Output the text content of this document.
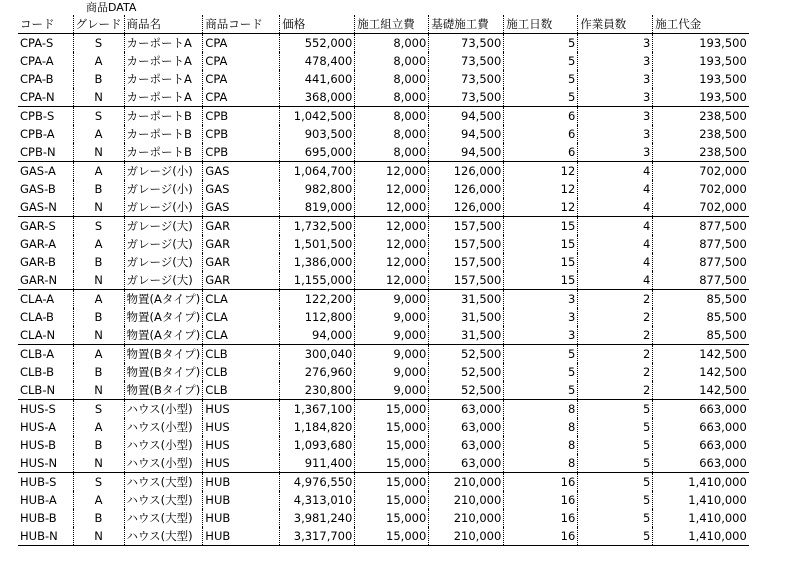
商品DATA
コード	グレード	商品名	商品コード	価格	施工組立費	基礎施工費	施工日数	作業員数	施工代金
CPA-S	S	カーポートA	CPA	552,000	8,000	73,500	5	3	193,500
CPA-A	A	カーポートA	CPA	478,400	8,000	73,500	5	3	193,500
CPA-B	B	カーポートA	CPA	441,600	8,000	73,500	5	3	193,500
CPA-N	N	カーポートA	CPA	368,000	8,000	73,500	5	3	193,500
CPB-S	S	カーポートB	CPB	1,042,500	8,000	94,500	6	3	238,500
CPB-A	A	カーポートB	CPB	903,500	8,000	94,500	6	3	238,500
CPB-N	N	カーポートB	CPB	695,000	8,000	94,500	6	3	238,500
GAS-A	A	ガレージ(小)	GAS	1,064,700	12,000	126,000	12	4	702,000
GAS-B	B	ガレージ(小)	GAS	982,800	12,000	126,000	12	4	702,000
GAS-N	N	ガレージ(小)	GAS	819,000	12,000	126,000	12	4	702,000
GAR-S	S	ガレージ(大)	GAR	1,732,500	12,000	157,500	15	4	877,500
GAR-A	A	ガレージ(大)	GAR	1,501,500	12,000	157,500	15	4	877,500
GAR-B	B	ガレージ(大)	GAR	1,386,000	12,000	157,500	15	4	877,500
GAR-N	N	ガレージ(大)	GAR	1,155,000	12,000	157,500	15	4	877,500
CLA-A	A	物置(Aタイプ)	CLA	122,200	9,000	31,500	3	2	85,500
CLA-B	B	物置(Aタイプ)	CLA	112,800	9,000	31,500	3	2	85,500
CLA-N	N	物置(Aタイプ)	CLA	94,000	9,000	31,500	3	2	85,500
CLB-A	A	物置(Bタイプ)	CLB	300,040	9,000	52,500	5	2	142,500
CLB-B	B	物置(Bタイプ)	CLB	276,960	9,000	52,500	5	2	142,500
CLB-N	N	物置(Bタイプ)	CLB	230,800	9,000	52,500	5	2	142,500
HUS-S	S	ハウス(小型)	HUS	1,367,100	15,000	63,000	8	5	663,000
HUS-A	A	ハウス(小型)	HUS	1,184,820	15,000	63,000	8	5	663,000
HUS-B	B	ハウス(小型)	HUS	1,093,680	15,000	63,000	8	5	663,000
HUS-N	N	ハウス(小型)	HUS	911,400	15,000	63,000	8	5	663,000
HUB-S	S	ハウス(大型)	HUB	4,976,550	15,000	210,000	16	5	1,410,000
HUB-A	A	ハウス(大型)	HUB	4,313,010	15,000	210,000	16	5	1,410,000
HUB-B	B	ハウス(大型)	HUB	3,981,240	15,000	210,000	16	5	1,410,000
HUB-N	N	ハウス(大型)	HUB	3,317,700	15,000	210,000	16	5	1,410,000
